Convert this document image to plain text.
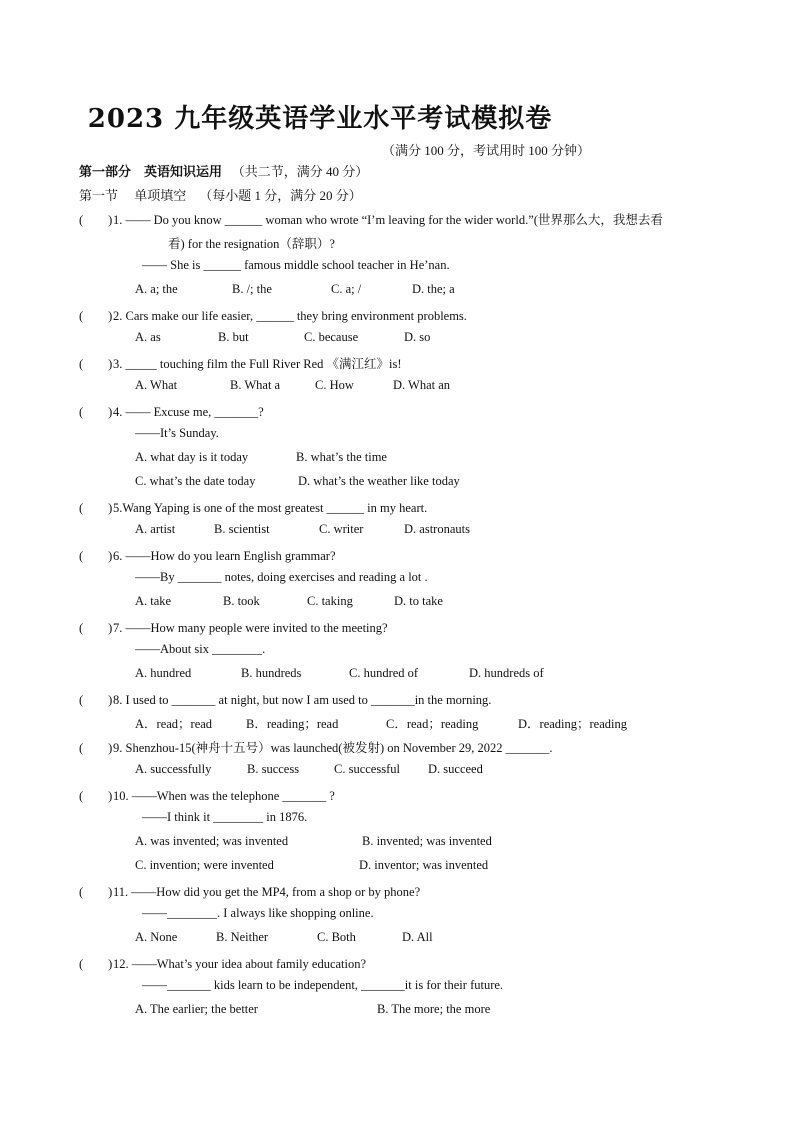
2023 九年级英语学业水平考试模拟卷
（满分 100 分，考试用时 100 分钟）
第一部分 英语知识运用 （共二节，满分 40 分）
第一节 单项填空 （每小题 1 分，满分 20 分）
(　　)1. —— Do you know ______ woman who wrote “I’m leaving for the wider world.”(世界那么大，我想去看
看) for the resignation（辞职）?
—— She is ______ famous middle school teacher in He’nan.
A. a; the	B. /; the	C. a; /	D. the; a
(　　)2. Cars make our life easier, ______ they bring environment problems.
A. as	B. but	C. because	D. so
(　　)3. _____ touching film the Full River Red 《满江红》is!
A. What	B. What a	C. How	D. What an
(　　)4. —— Excuse me, _______?
——It’s Sunday.
A. what day is it today	B. what’s the time
C. what’s the date today	D. what’s the weather like today
(　　)5.Wang Yaping is one of the most greatest ______ in my heart.
A. artist	B. scientist	C. writer	D. astronauts
(　　)6. ——How do you learn English grammar?
——By _______ notes, doing exercises and reading a lot .
A. take	B. took	C. taking	D. to take
(　　)7. ——How many people were invited to the meeting?
——About six ________.
A. hundred	B. hundreds	C. hundred of	D. hundreds of
(　　)8. I used to _______ at night, but now I am used to _______in the morning.
A．read；read	B．reading；read	C．read；reading	D．reading；reading
(　　)9. Shenzhou-15(神舟十五号）was launched(被发射) on November 29, 2022 _______.
A. successfully	B. success	C. successful D. succeed
(　　)10. ——When was the telephone _______ ?
——I think it ________ in 1876.
A. was invented; was invented	B. invented; was invented
C. invention; were invented	D. inventor; was invented
(　　)11. ——How did you get the MP4, from a shop or by phone?
——________. I always like shopping online.
A. None	B. Neither	C. Both	D. All
(　　)12. ——What’s your idea about family education?
——_______ kids learn to be independent, _______it is for their future.
A. The earlier; the better	B. The more; the more
